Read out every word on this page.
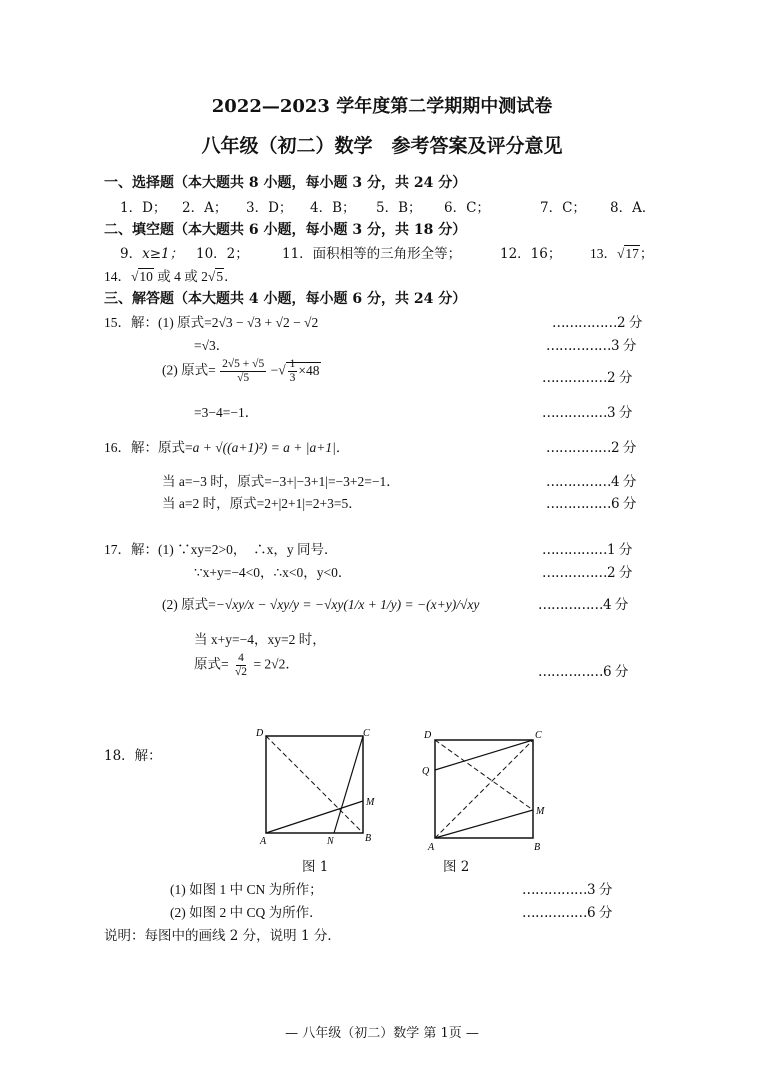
2022—2023 学年度第二学期期中测试卷
八年级（初二）数学　参考答案及评分意见
一、选择题（本大题共 8 小题，每小题 3 分，共 24 分）
1．D； 2．A； 3．D； 4．B； 5．B； 6．C；	7．C； 8．A．
二、填空题（本大题共 6 小题，每小题 3 分，共 18 分）
9．x≥1； 10．2； 11．面积相等的三角形全等；	12．16； 13．√17；
14．√10 或 4 或 2√5．
三、解答题（本大题共 4 小题，每小题 6 分，共 24 分）
15．解：(1) 原式=2√3 − √3 + √2 − √2	……………2 分
=√3．	……………3 分
(2) 原式= $\frac{2√5 + √5}{√5}$ −√ $\frac{1}{3} \times 48$	……………2 分
=3−4=−1．	……………3 分
16．解：原式=a + √((a+1)²) = a + |a+1|．	……………2 分
当 a=−3 时，原式=−3+|−3+1|=−3+2=−1．	……………4 分
当 a=2 时，原式=2+|2+1|=2+3=5．	……………6 分
17．解：(1) ∵xy=2>0，　∴x，y 同号．	……………1 分
∵x+y=−4<0，∴x<0，y<0．	……………2 分
(2) 原式=−√xy/x − √xy/y = −√xy(1/x + 1/y) = −(x+y)/√xy	……………4 分
当 x+y=−4，xy=2 时，
原式= $\frac{4}{√2} = 2√2$．	……………6 分
18．解：
D	C
M
A	N	B
图 1
D	C
Q
M
A	B
图 2
(1) 如图 1 中 CN 为所作；	……………3 分
(2) 如图 2 中 CQ 为所作．	……………6 分
说明：每图中的画线 2 分，说明 1 分．
— 八年级（初二）数学 第 1页 —
